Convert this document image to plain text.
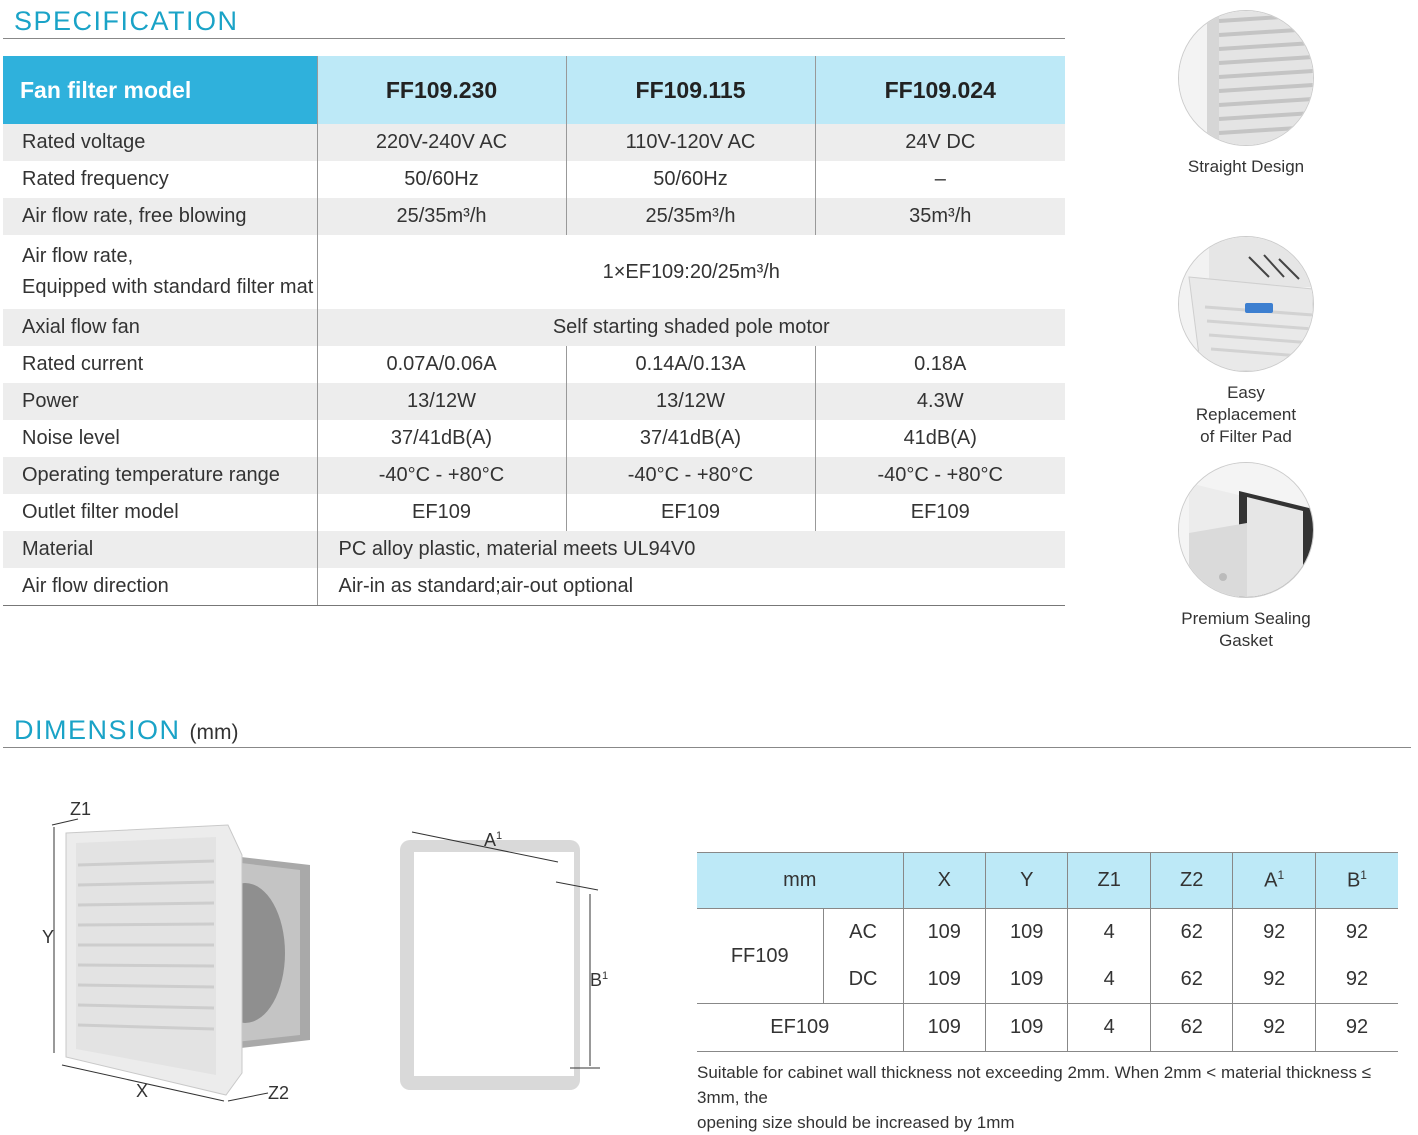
SPECIFICATION
Fan filter model	FF109.230	FF109.115	FF109.024
Rated voltage	220V-240V AC	110V-120V AC	24V DC
Rated frequency	50/60Hz	50/60Hz	–
Air flow rate, free blowing	25/35m³/h	25/35m³/h	35m³/h

Air flow rate,
Equipped with standard filter mat	1×EF109:20/25m³/h		
Axial flow fan	Self starting shaded pole motor		
Rated current	0.07A/0.06A	0.14A/0.13A	0.18A
Power	13/12W	13/12W	4.3W
Noise level	37/41dB(A)	37/41dB(A)	41dB(A)
Operating temperature range	-40°C - +80°C	-40°C - +80°C	-40°C - +80°C
Outlet filter model	EF109	EF109	EF109
Material	PC alloy plastic, material meets UL94V0		
Air flow direction	Air-in as standard;air-out optional		
Straight Design
Easy Replacement
of Filter Pad
Premium Sealing Gasket
DIMENSION (mm)
Z1
Y
X	Z2
$A^1$
$B^1$
mm		X	Y	Z1	Z2	$A^1$	$B^1$
FF109	AC	109	109	4	62	92	92
	DC	109	109	4	62	92	92
EF109		109	109	4	62	92	92
Suitable for cabinet wall thickness not exceeding 2mm. When 2mm < material thickness ≤ 3mm, the
opening size should be increased by 1mm
